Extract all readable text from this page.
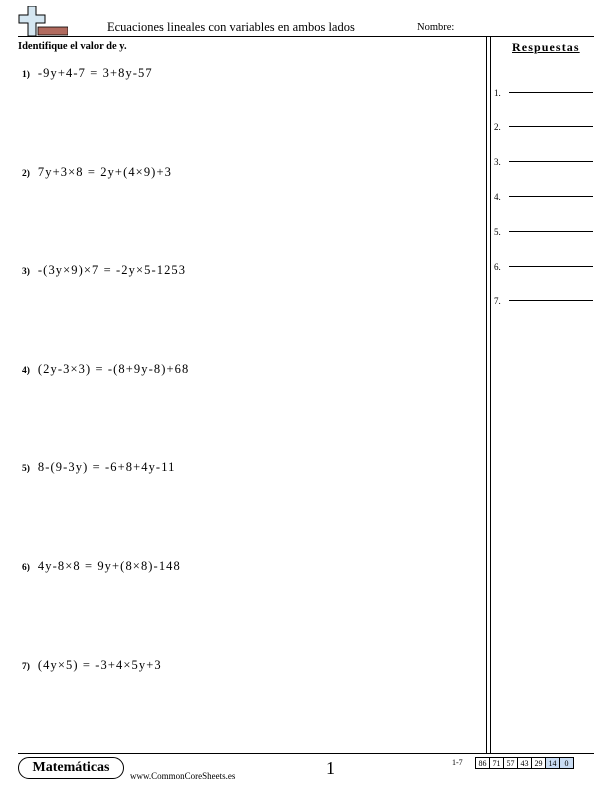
Ecuaciones lineales con variables en ambos lados	Nombre:
Identifique el valor de y.	Respuestas
1) -9y+4-7 = 3+8y-57
2) 7y+3×8 = 2y+(4×9)+3
3) -(3y×9)×7 = -2y×5-1253
4) (2y-3×3) = -(8+9y-8)+68
5) 8-(9-3y) = -6+8+4y-11
6) 4y-8×8 = 9y+(8×8)-148
7) (4y×5) = -3+4×5y+3
1.
2.
3.
4.
5.
6.
7.
Matemáticas
www.CommonCoreSheets.es	1	1-7 86	71	57	43	29	14	0
